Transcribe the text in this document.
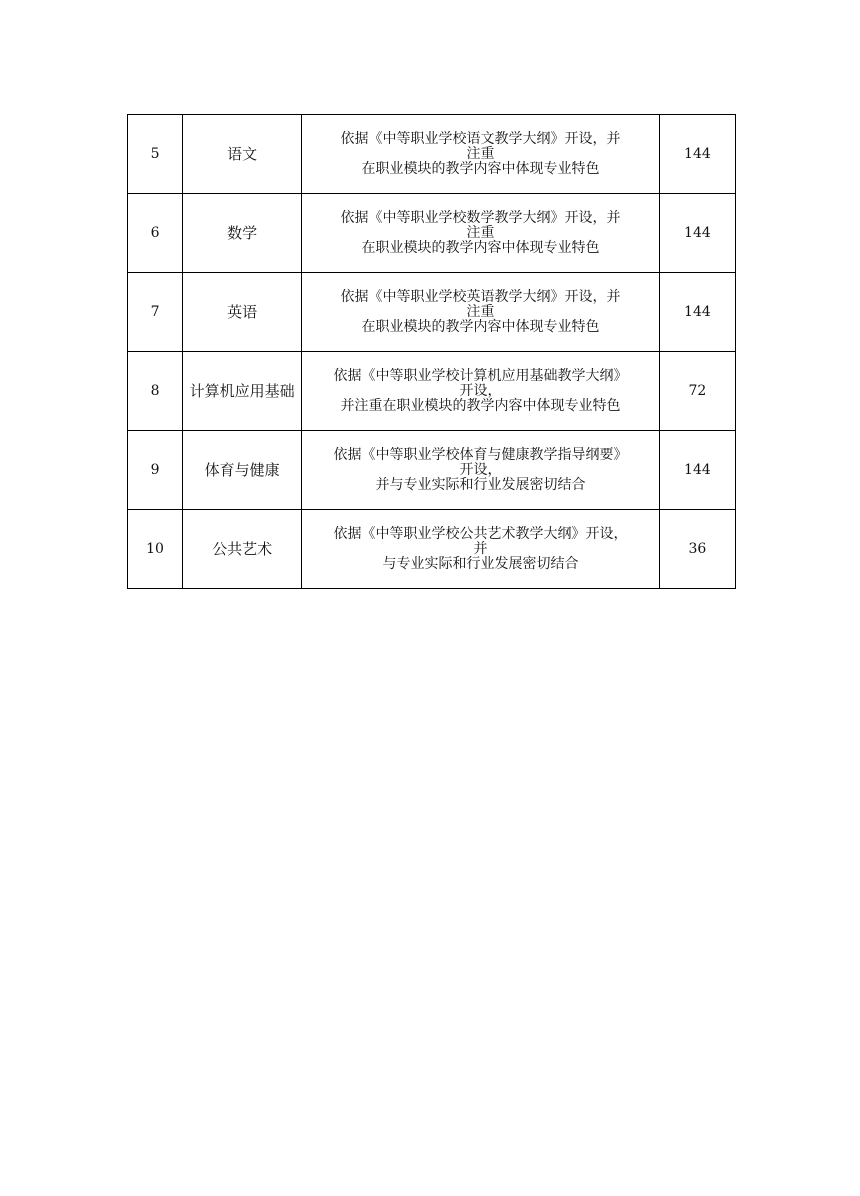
5	语文	依据《中等职业学校语文教学大纲》开设，并
注重
在职业模块的教学内容中体现专业特色	144
6	数学	依据《中等职业学校数学教学大纲》开设，并
注重
在职业模块的教学内容中体现专业特色	144
7	英语	依据《中等职业学校英语教学大纲》开设，并
注重
在职业模块的教学内容中体现专业特色	144
8	计算机应用基础	依据《中等职业学校计算机应用基础教学大纲》
开设，
并注重在职业模块的教学内容中体现专业特色	72
9	体育与健康	依据《中等职业学校体育与健康教学指导纲要》
开设，
并与专业实际和行业发展密切结合	144
10	公共艺术	依据《中等职业学校公共艺术教学大纲》开设，
并
与专业实际和行业发展密切结合	36
